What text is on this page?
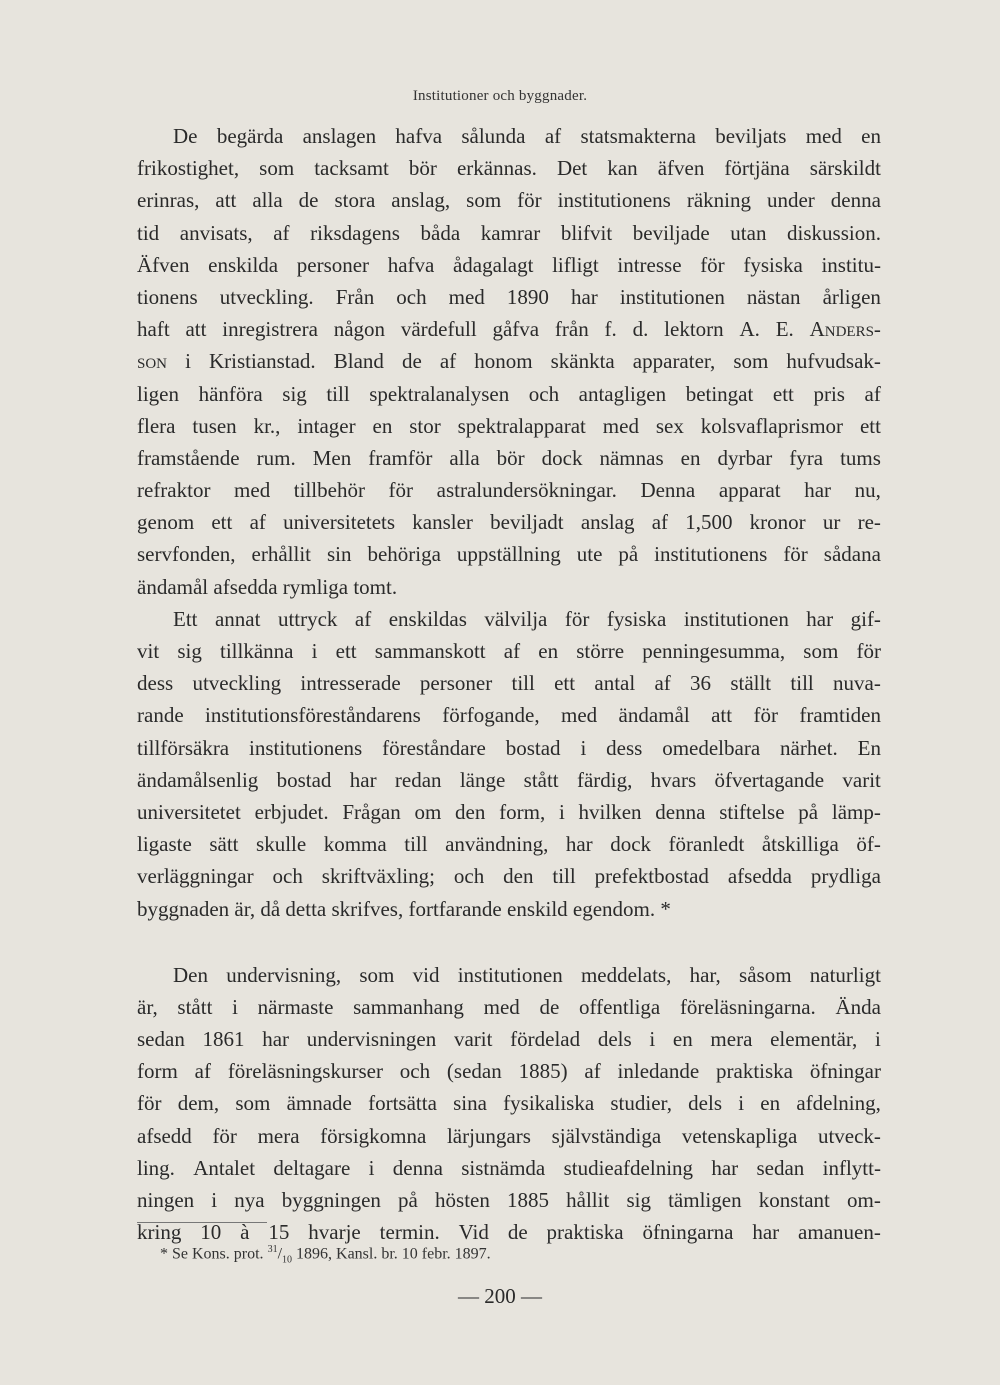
Institutioner och byggnader.
De begärda anslagen hafva sålunda af statsmakterna beviljats med en
frikostighet, som tacksamt bör erkännas. Det kan äfven förtjäna särskildt
erinras, att alla de stora anslag, som för institutionens räkning under denna
tid anvisats, af riksdagens båda kamrar blifvit beviljade utan diskussion.
Äfven enskilda personer hafva ådagalagt lifligt intresse för fysiska institu-
tionens utveckling. Från och med 1890 har institutionen nästan årligen
haft att inregistrera någon värdefull gåfva från f. d. lektorn A. E. Anders-
son i Kristianstad. Bland de af honom skänkta apparater, som hufvudsak-
ligen hänföra sig till spektralanalysen och antagligen betingat ett pris af
flera tusen kr., intager en stor spektralapparat med sex kolsvaflaprismor ett
framstående rum. Men framför alla bör dock nämnas en dyrbar fyra tums
refraktor med tillbehör för astralundersökningar. Denna apparat har nu,
genom ett af universitetets kansler beviljadt anslag af 1,500 kronor ur re-
servfonden, erhållit sin behöriga uppställning ute på institutionens för sådana
ändamål afsedda rymliga tomt.
Ett annat uttryck af enskildas välvilja för fysiska institutionen har gif-
vit sig tillkänna i ett sammanskott af en större penningesumma, som för
dess utveckling intresserade personer till ett antal af 36 ställt till nuva-
rande institutionsföreståndarens förfogande, med ändamål att för framtiden
tillförsäkra institutionens föreståndare bostad i dess omedelbara närhet. En
ändamålsenlig bostad har redan länge stått färdig, hvars öfvertagande varit
universitetet erbjudet. Frågan om den form, i hvilken denna stiftelse på lämp-
ligaste sätt skulle komma till användning, har dock föranledt åtskilliga öf-
verläggningar och skriftväxling; och den till prefektbostad afsedda prydliga
byggnaden är, då detta skrifves, fortfarande enskild egendom. *
Den undervisning, som vid institutionen meddelats, har, såsom naturligt
är, stått i närmaste sammanhang med de offentliga föreläsningarna. Ända
sedan 1861 har undervisningen varit fördelad dels i en mera elementär, i
form af föreläsningskurser och (sedan 1885) af inledande praktiska öfningar
för dem, som ämnade fortsätta sina fysikaliska studier, dels i en afdelning,
afsedd för mera försigkomna lärjungars självständiga vetenskapliga utveck-
ling. Antalet deltagare i denna sistnämda studieafdelning har sedan inflytt-
ningen i nya byggningen på hösten 1885 hållit sig tämligen konstant om-
kring 10 à 15 hvarje termin. Vid de praktiska öfningarna har amanuen-
* Se Kons. prot. $^{31}/_{10}$ 1896, Kansl. br. 10 febr. 1897.
— 200 —
